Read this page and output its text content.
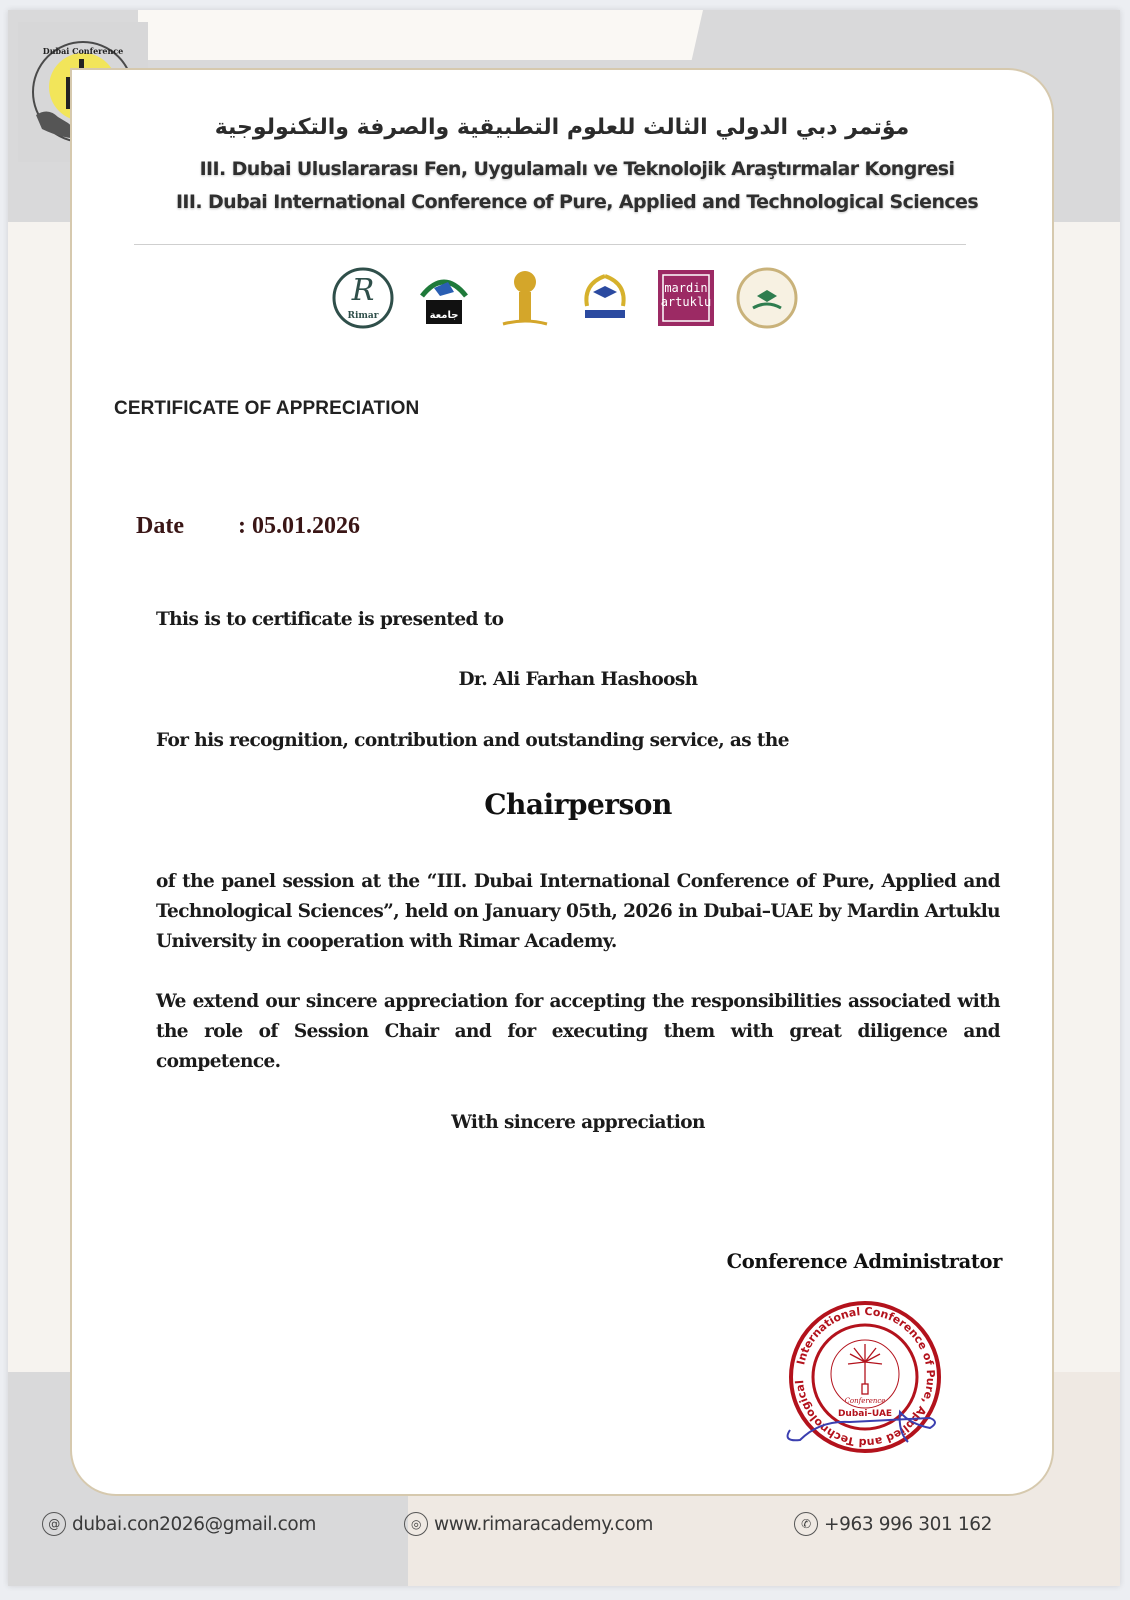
Dubai Conference
مؤتمر دبي الدولي الثالث للعلوم التطبيقية والصرفة والتكنولوجية
III. Dubai Uluslararası Fen, Uygulamalı ve Teknolojik Araştırmalar Kongresi
III. Dubai International Conference of Pure, Applied and Technological Sciences
R
Rimar	جامعة
mardin
artuklu
CERTIFICATE OF APPRECIATION
Date : 05.01.2026
This is to certificate is presented to
Dr. Ali Farhan Hashoosh
For his recognition, contribution and outstanding service, as the
Chairperson
of the panel session at the “III. Dubai International Conference of Pure, Applied and Technological Sciences”, held on January 05th, 2026 in Dubai–UAE by Mardin Artuklu University in cooperation with Rimar Academy.
We extend our sincere appreciation for accepting the responsibilities associated with the role of Session Chair and for executing them with great diligence and competence.
With sincere appreciation
Conference Administrator
International Conference of Pure, Applied and Technological
Conference
Dubai–UAE
@ dubai.con2026@gmail.com	◎ www.rimaracademy.com	✆ +963 996 301 162
